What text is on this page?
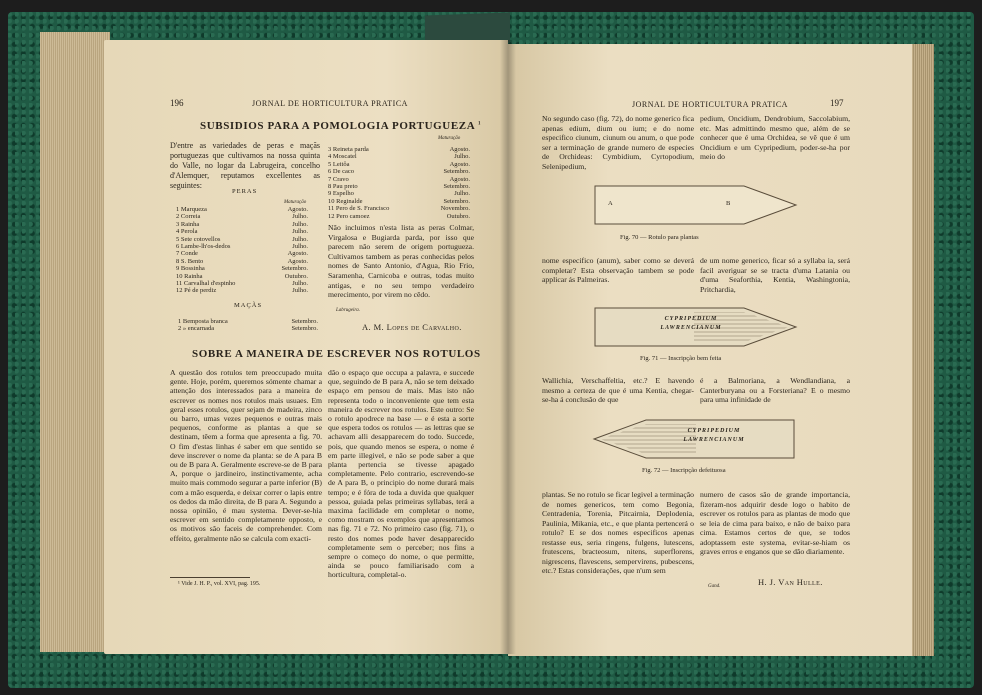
196	JORNAL DE HORTICULTURA PRATICA
SUBSIDIOS PARA A POMOLOGIA PORTUGUEZA $^1$
D'entre as variedades de peras e maçãs portuguezas que cultivamos na nossa quinta do Valle, no logar da Labrugeira, concelho d'Alemquer, reputamos excellentes as seguintes:
PERAS
Maturação
1 Marqueza	Agosto.
2 Correia	Julho.
3 Rainha	Julho.
4 Perola	Julho.
5 Sete cotovellos	Julho.
6 Lambe-lh'os-dedos	Julho.
7 Conde	Agosto.
8 S. Bento	Agosto.
9 Bossinha	Setembro.
10 Rainha	Outubro.
11 Carvalhal d'espinho	Julho.
12 Pé de perdiz	Julho.
MAÇÃS
1 Bemposta branca	Setembro.
2 » encarnada	Setembro.
Maturação
3 Reineta parda	Agosto.
4 Moscatel	Julho.
5 Leitôa	Agosto.
6 De caco	Setembro.
7 Cravo	Agosto.
8 Pau preto	Setembro.
9 Espelho	Julho.
10 Reginalde	Setembro.
11 Pero de S. Francisco	Novembro.
12 Pero camoez	Outubro.
Não incluimos n'esta lista as peras Colmar, Virgalosa e Bugiarda parda, por isso que parecem não serem de origem portugueza. Cultivamos tambem as peras conhecidas pelos nomes de Santo Antonio, d'Agua, Rio Frio, Saramenha, Carnicoba e outras, todas muito antigas, e no seu tempo verdadeiro merecimento, por virem no cêdo.
Labrugeira.
A. M. Lopes de Carvalho.
SOBRE A MANEIRA DE ESCREVER NOS ROTULOS
A questão dos rotulos tem preoccupado muita gente. Hoje, porém, queremos sómente chamar a attenção dos interessados para a maneira de escrever os nomes nos rotulos mais usuaes. Em geral esses rotulos, quer sejam de madeira, zinco ou barro, umas vezes pequenos e outras mais pequenos, conforme as plantas a que se destinam, têem a forma que apresenta a fig. 70. O fim d'estas linhas é saber em que sentido se deve inscrever o nome da planta: se de A para B ou de B para A. Geralmente escreve-se de B para A, porque o jardineiro, instinctivamente, acha muito mais commodo segurar a parte inferior (B) com a mão esquerda, e deixar correr o lapis entre os dedos da mão direita, de B para A. Segundo a nossa opinião, é mau systema. Dever-se-hia escrever em sentido completamente opposto, e os motivos são faceis de comprehender. Com effeito, geralmente não se calcula com exacti-
dão o espaço que occupa a palavra, e succede que, seguindo de B para A, não se tem deixado espaço em pensou de mais. Mas isto não representa todo o inconveniente que tem esta maneira de escrever nos rotulos. Este outro: Se o rotulo apodrece na base — e é esta a sorte que espera todos os rotulos — as lettras que se achavam alli desapparecem do todo. Succede, pois, que quando menos se espera, o nome é em parte illegivel, e não se pode saber a que planta pertencia se tivesse apagado completamente. Pelo contrario, escrevendo-se de A para B, o principio do nome durará mais tempo; e é fóra de toda a duvida que qualquer pessoa, guiada pelas primeiras syllabas, terá a maxima facilidade em completar o nome, como mostram os exemplos que apresentamos nas fig. 71 e 72. No primeiro caso (fig. 71), o resto dos nomes pode haver desapparecido completamente sem o perceber; nos fins a sempre o começo do nome, o que permitte, ainda se pouco familiarisado com a horticultura, completal-o.
¹ Vide J. H. P., vol. XVI, pag. 195.
JORNAL DE HORTICULTURA PRATICA	197
No segundo caso (fig. 72), do nome generico fica apenas edium, dium ou ium; e do nome especifico ciunum, ciunum ou anum, o que pode ser a terminação de grande numero de especies de Orchideas: Cymbidium, Cyrtopodium, Selenipedium,
pedium, Oncidium, Dendrobium, Saccolabium, etc. Mas admittindo mesmo que, além de se conhecer que é uma Orchidea, se vê que é um Oncidium e um Cypripedium, poder-se-ha por meio do
A	B
Fig. 70 — Rotulo para plantas
nome especifico (anum), saber como se deverá completar? Esta observação tambem se pode applicar ás Palmeiras.
de um nome generico, ficar só a syllaba ia, será facil averiguar se se tracta d'uma Latania ou d'uma Seaforthia, Kentia, Washingtonia, Pritchardia,
CYPRIPEDIUM
LAWRENCIANUM
Fig. 71 — Inscripção bem feita
Wallichia, Verschaffeltia, etc.? E havendo mesmo a certeza de que é uma Kentia, chegar-se-ha á conclusão de que
é a Balmoriana, a Wendlandiana, a Canterburyana ou a Forsteriana? E o mesmo para uma infinidade de
CYPRIPEDIUM
LAWRENCIANUM
Fig. 72 — Inscripção defeituosa
plantas. Se no rotulo se ficar legivel a terminação de nomes genericos, tem como Begonia, Centradenia, Torenia, Pitcairnia, Deplodenia, Paulinia, Mikania, etc., e que planta pertencerá o rotulo? E se dos nomes especificos apenas restasse eus, seria ringens, fulgens, lutescens, frutescens, bracteosum, nitens, superflorens, nigrescens, flavescens, sempervirens, pubescens, etc.? Estas considerações, que n'um sem
numero de casos são de grande importancia, fizeram-nos adquirir desde logo o habito de escrever os rotulos para as plantas de modo que se leia de cima para baixo, e não de baixo para cima. Estamos certos de que, se todos adoptassem este systema, evitar-se-hiam os graves erros e enganos que se dão diariamente.
Gand.	H. J. Van Hulle.
